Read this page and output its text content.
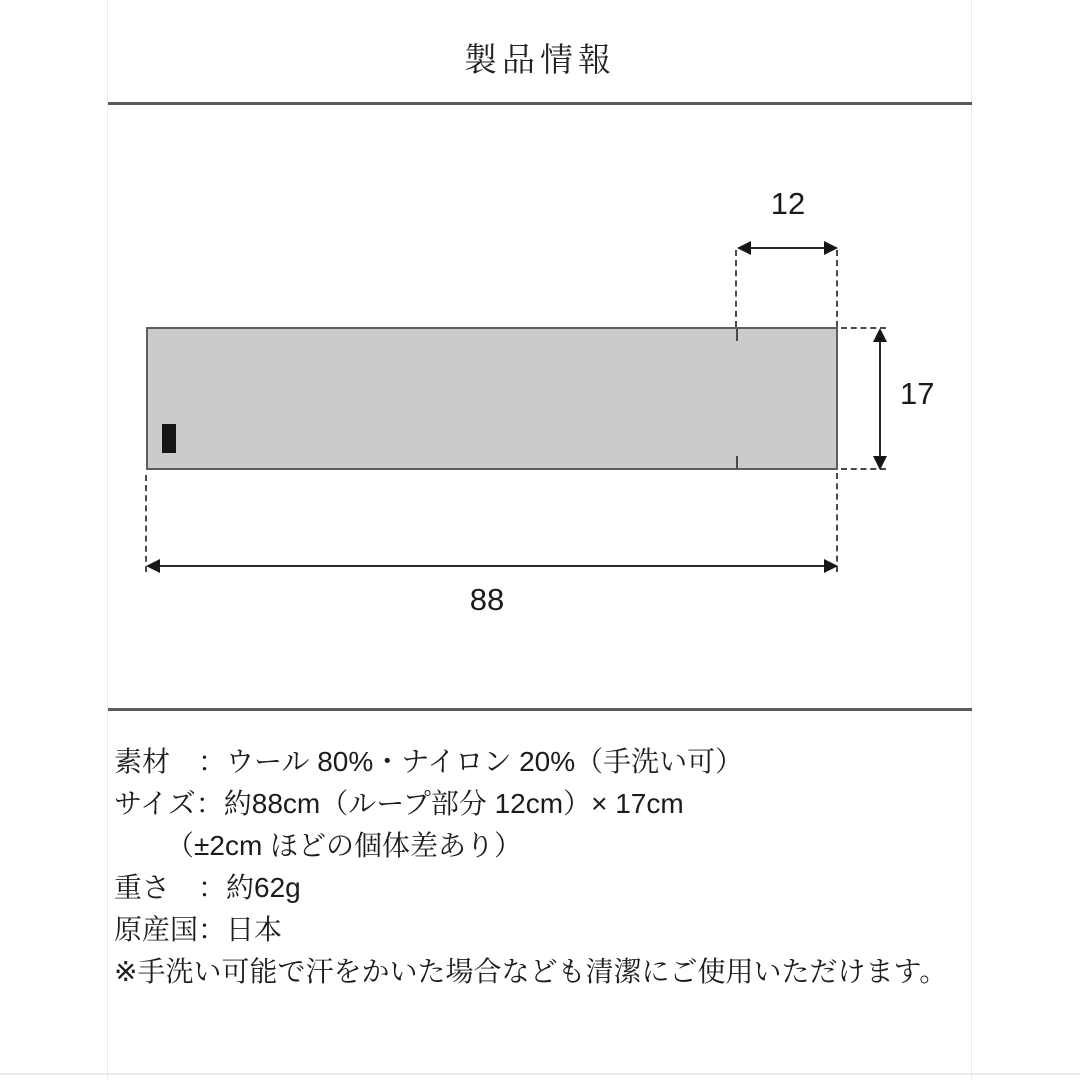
製品情報
12
17
88
素材　：ウール 80%・ナイロン 20%（手洗い可）
サイズ：約88cm（ループ部分 12cm）× 17cm
（±2cm ほどの個体差あり）
重さ　：約62g
原産国：日本
※手洗い可能で汗をかいた場合なども清潔にご使用いただけます。
